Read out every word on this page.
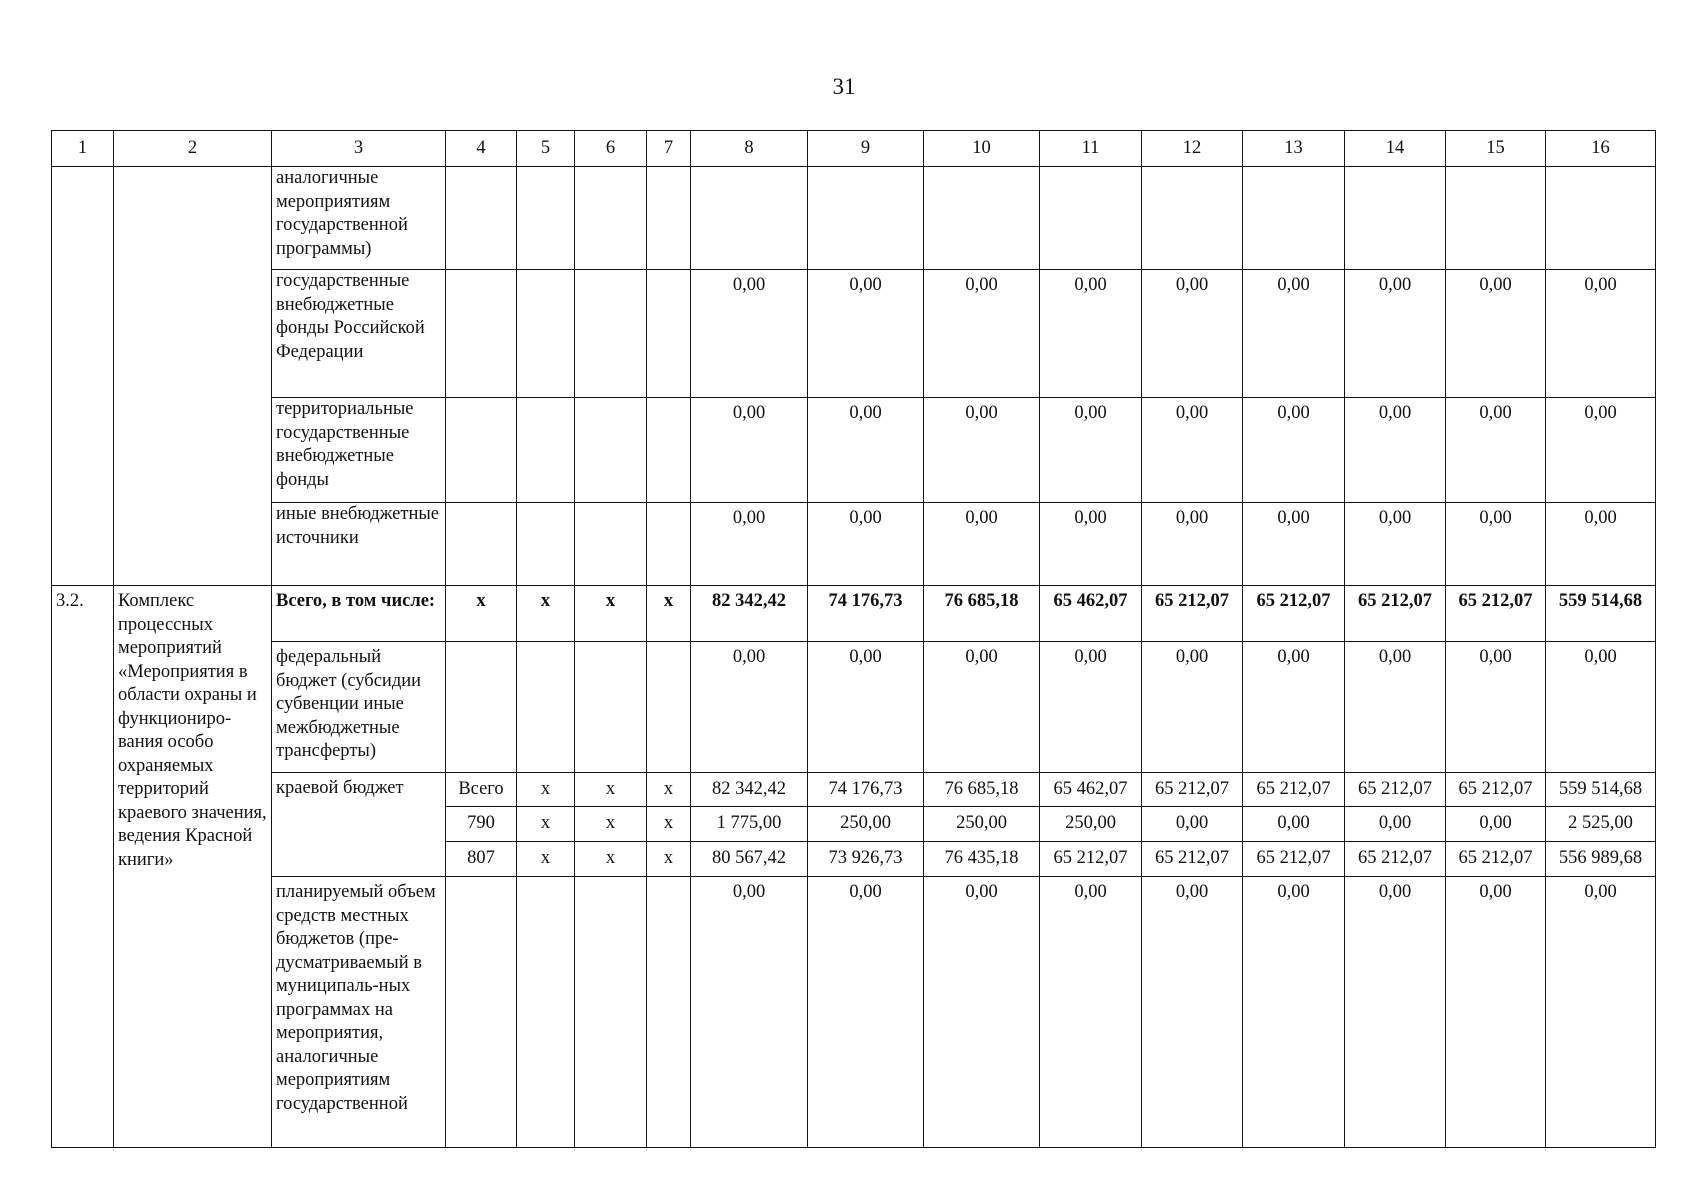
31
1	2	3	4	5	6	7	8	9	10	11	12	13	14	15	16
		аналогичные мероприятиям государственной программы)													
		государственные внебюджетные фонды Российской Федерации					0,00	0,00	0,00	0,00	0,00	0,00	0,00	0,00	0,00
		территориальные государственные внебюджетные фонды					0,00	0,00	0,00	0,00	0,00	0,00	0,00	0,00	0,00
		иные внебюджетные источники					0,00	0,00	0,00	0,00	0,00	0,00	0,00	0,00	0,00
3.2.	Комплекс процессных мероприятий «Мероприятия в области охраны и функциониро-вания особо охраняемых территорий краевого значения, ведения Красной книги»	Всего, в том числе:	х	х	х	х	82 342,42	74 176,73	76 685,18	65 462,07	65 212,07	65 212,07	65 212,07	65 212,07	559 514,68
		федеральный бюджет (субсидии субвенции иные межбюджетные трансферты)					0,00	0,00	0,00	0,00	0,00	0,00	0,00	0,00	0,00
		краевой бюджет	Всего	х	х	х	82 342,42	74 176,73	76 685,18	65 462,07	65 212,07	65 212,07	65 212,07	65 212,07	559 514,68
			790	х	х	х	1 775,00	250,00	250,00	250,00	0,00	0,00	0,00	0,00	2 525,00
			807	х	х	х	80 567,42	73 926,73	76 435,18	65 212,07	65 212,07	65 212,07	65 212,07	65 212,07	556 989,68
		планируемый объем средств местных бюджетов (пре-дусматриваемый в муниципаль-ных программах на мероприятия, аналогичные мероприятиям государственной					0,00	0,00	0,00	0,00	0,00	0,00	0,00	0,00	0,00
